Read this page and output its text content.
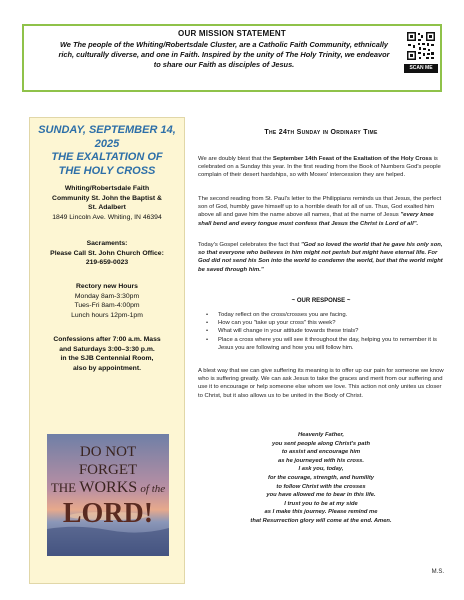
OUR MISSION STATEMENT
We The people of the Whiting/Robertsdale Cluster, are a Catholic Faith Community, ethnically rich, culturally diverse, and one in Faith. Inspired by the unity of The Holy Trinity, we endeavor to share our Faith as disciples of Jesus.	SCAN ME
SUNDAY, SEPTEMBER 14, 2025
THE EXALTATION OF
THE HOLY CROSS
Whiting/Robertsdale Faith
Community St. John the Baptist &
St. Adalbert
1849 Lincoln Ave. Whiting, IN 46394
Sacraments:
Please Call St. John Church Office:
219-659-0023
Rectory new Hours
Monday 8am-3:30pm
Tues-Fri 8am-4:00pm
Lunch hours 12pm-1pm
Confessions after 7:00 a.m. Mass
and Saturdays 3:00–3:30 p.m.
in the SJB Centennial Room,
also by appointment.
DO NOT
FORGET
THE WORKS of the
LORD!
The 24th Sunday in Ordinary Time
We are doubly blest that the September 14th Feast of the Exaltation of the Holy Cross is celebrated on a Sunday this year. In the first reading from the Book of Numbers God's people complain of their desert hardships, so with Moses' intercession they are helped.
The second reading from St. Paul's letter to the Philippians reminds us that Jesus, the perfect son of God, humbly gave himself up to a horrible death for all of us. Thus, God exalted him above all and gave him the name above all names, that at the name of Jesus "every knee shall bend and every tongue must confess that Jesus the Christ is Lord of all".
Today's Gospel celebrates the fact that "God so loved the world that he gave his only son, so that everyone who believes in him might not perish but might have eternal life. For God did not send his Son into the world to condemn the world, but that the world might be saved through him."
~ OUR RESPONSE ~
• Today reflect on the cross/crosses you are facing.
• How can you "take up your cross" this week?
• What will change in your attitude towards these trials?
• Place a cross where you will see it throughout the day, helping you to remember it is Jesus you are following and how you will follow him.
A blest way that we can give suffering its meaning is to offer up our pain for someone we know who is suffering greatly. We can ask Jesus to take the graces and merit from our suffering and use it to encourage or help someone else whom we love. This action not only unites us closer to Christ, but it also allows us to be united in the Body of Christ.
Heavenly Father,
you sent people along Christ's path
to assist and encourage him
as he journeyed with his cross.
I ask you, today,
for the courage, strength, and humility
to follow Christ with the crosses
you have allowed me to bear in this life.
I trust you to be at my side
as I make this journey. Please remind me
that Resurrection glory will come at the end. Amen.
M.S.
